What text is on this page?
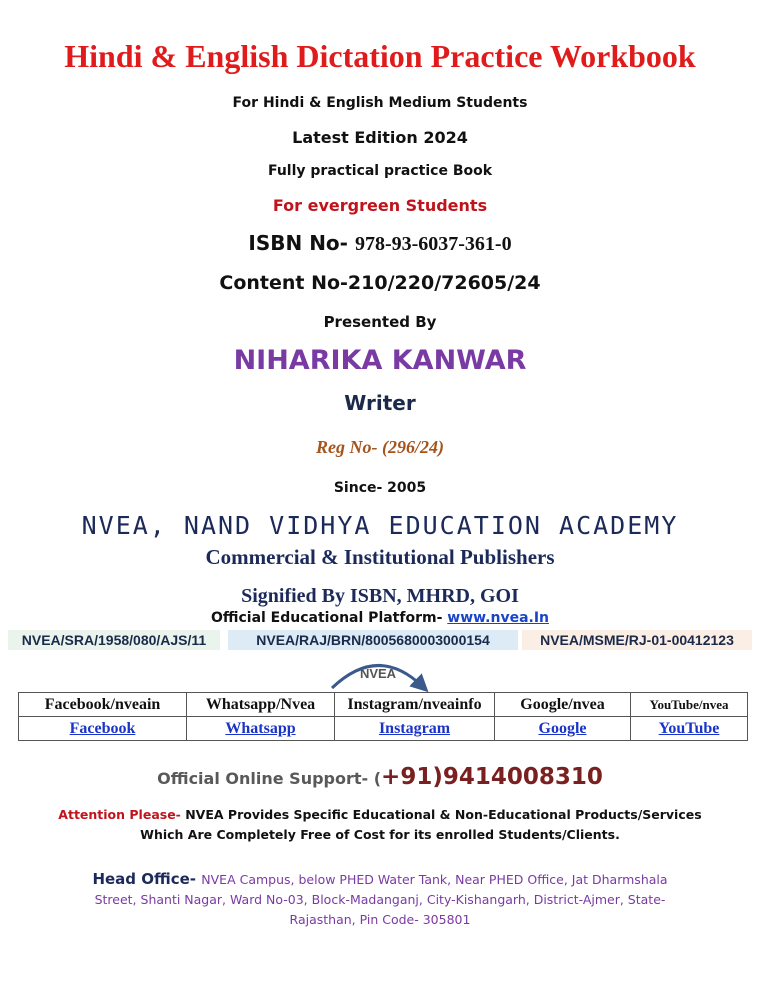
Hindi & English Dictation Practice Workbook
For Hindi & English Medium Students
Latest Edition 2024
Fully practical practice Book
For evergreen Students
ISBN No- 978-93-6037-361-0
Content No-210/220/72605/24
Presented By
NIHARIKA KANWAR
Writer
Reg No- (296/24)
Since- 2005
NVEA, NAND VIDHYA EDUCATION ACADEMY
Commercial & Institutional Publishers
Signified By ISBN, MHRD, GOI
Official Educational Platform- www.nvea.In
NVEA/SRA/1958/080/AJS/11	NVEA/RAJ/BRN/8005680003000154	NVEA/MSME/RJ-01-00412123
NVEA
Facebook/nveain	Whatsapp/Nvea	Instagram/nveainfo	Google/nvea	YouTube/nvea
Facebook	Whatsapp	Instagram	Google	YouTube
Official Online Support- (+91)9414008310
Attention Please- NVEA Provides Specific Educational & Non-Educational Products/Services
Which Are Completely Free of Cost for its enrolled Students/Clients.
Head Office- NVEA Campus, below PHED Water Tank, Near PHED Office, Jat Dharmshala Street, Shanti Nagar, Ward No-03, Block-Madanganj, City-Kishangarh, District-Ajmer, State-Rajasthan, Pin Code- 305801
